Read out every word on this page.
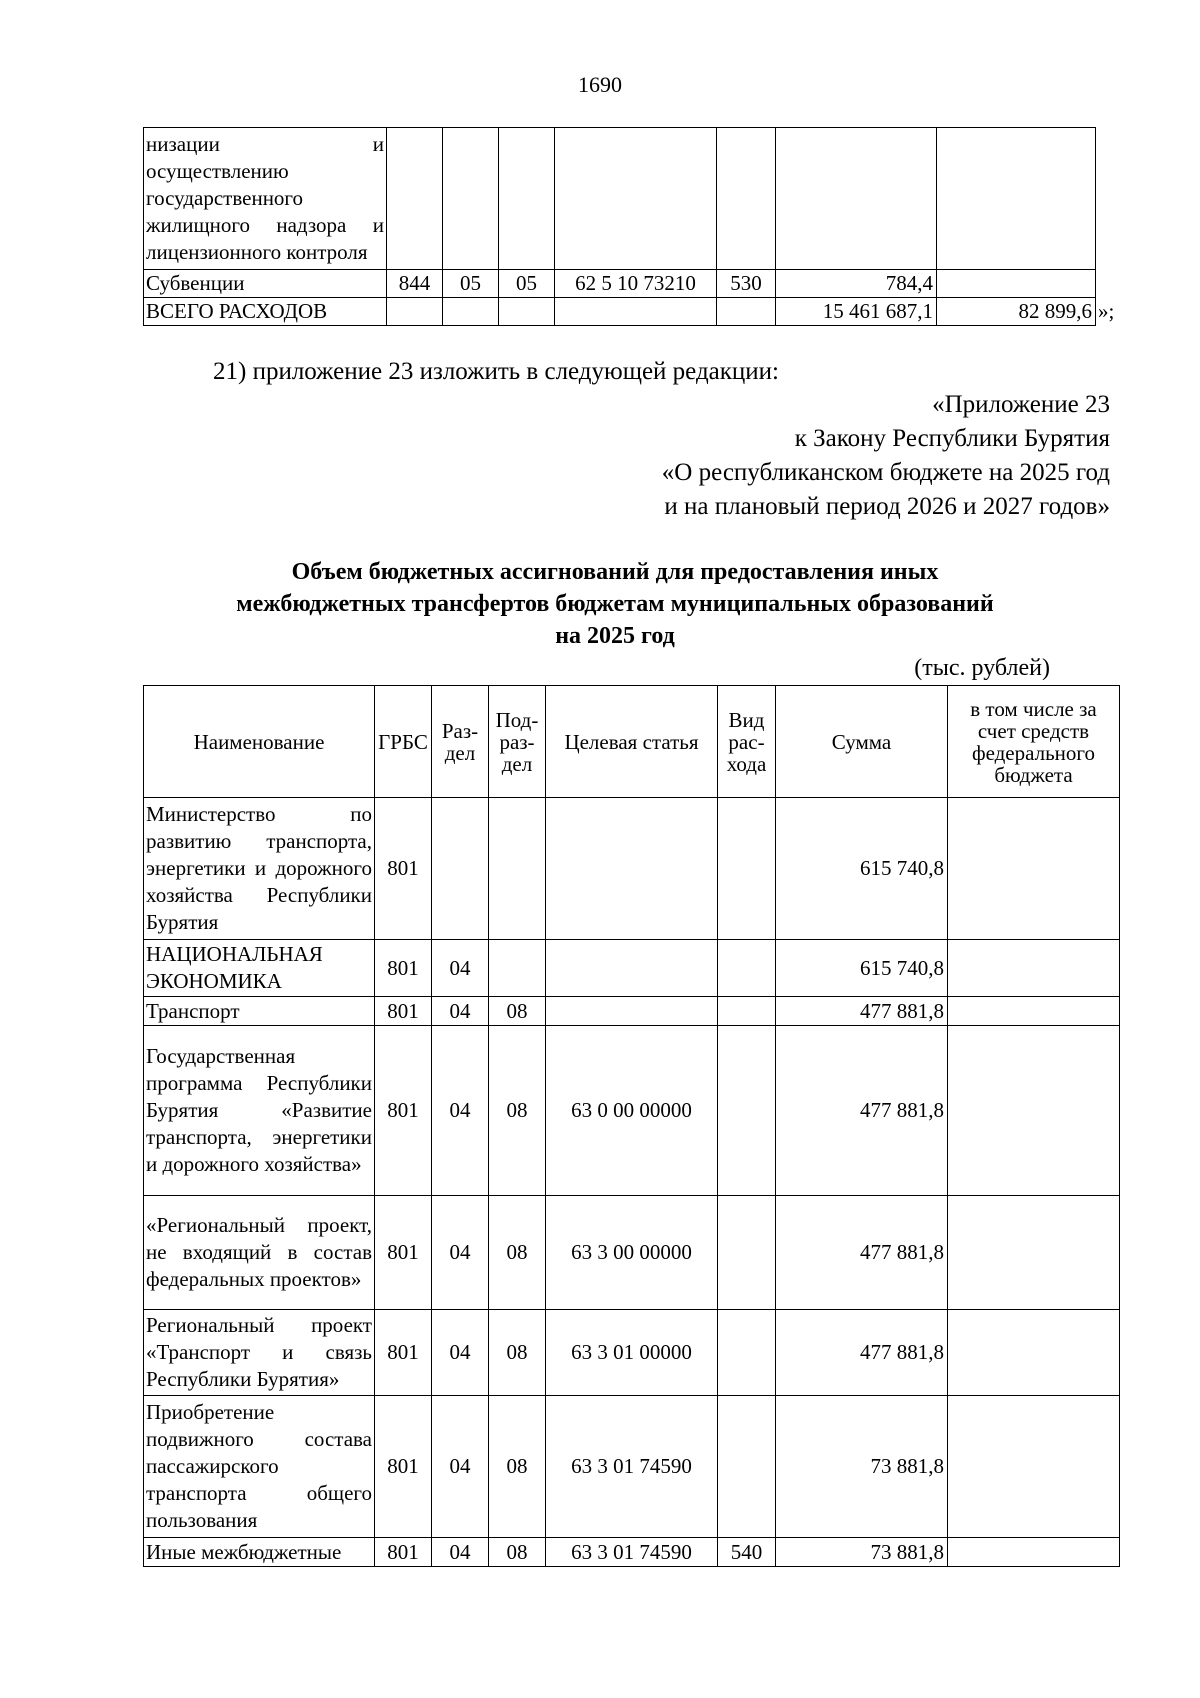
1690
низации и осуществлению государственного жилищного надзора и лицензионного контроля							
Субвенции	844	05	05	62 5 10 73210	530	784,4	
ВСЕГО РАСХОДОВ						15 461 687,1	82 899,6 »;
21) приложение 23 изложить в следующей редакции:
«Приложение 23
к Закону Республики Бурятия
«О республиканском бюджете на 2025 год
и на плановый период 2026 и 2027 годов»
Объем бюджетных ассигнований для предоставления иных
межбюджетных трансфертов бюджетам муниципальных образований
на 2025 год
(тыс. рублей)
Наименование	ГРБС	Раз-дел	Под-раз-дел	Целевая статья	Вид рас-хода	Сумма	в том числе за счет средств федерального бюджета
Министерство по развитию транспорта, энергетики и дорожного хозяйства Республики Бурятия	801					615 740,8	
НАЦИОНАЛЬНАЯ ЭКОНОМИКА	801	04				615 740,8	
Транспорт	801	04	08			477 881,8	
Государственная программа Республики Бурятия «Развитие транспорта, энергетики и дорожного хозяйства»	801	04	08	63 0 00 00000		477 881,8	
«Региональный проект, не входящий в состав федеральных проектов»	801	04	08	63 3 00 00000		477 881,8	
Региональный проект «Транспорт и связь Республики Бурятия»	801	04	08	63 3 01 00000		477 881,8	
Приобретение подвижного состава пассажирского транспорта общего пользования	801	04	08	63 3 01 74590		73 881,8	
Иные межбюджетные	801	04	08	63 3 01 74590	540	73 881,8	
